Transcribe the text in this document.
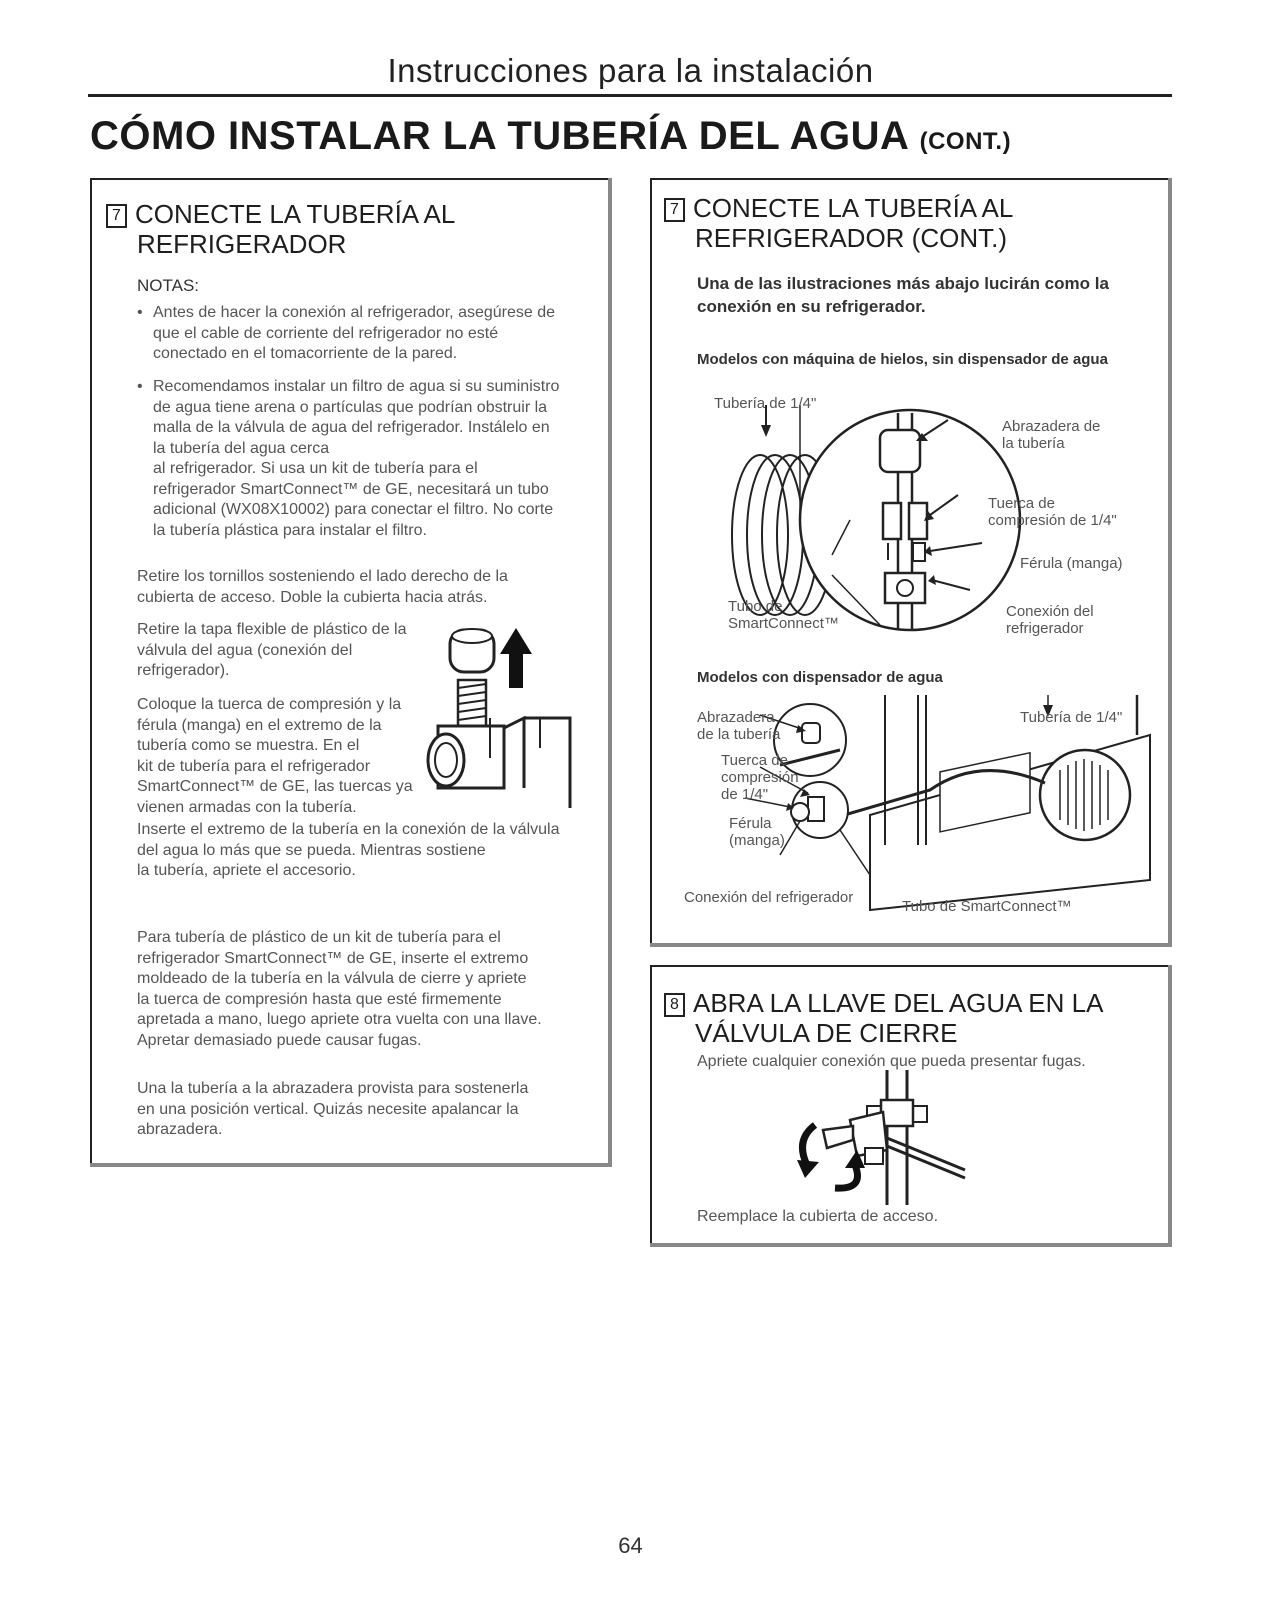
Instrucciones para la instalación
CÓMO INSTALAR LA TUBERÍA DEL AGUA (CONT.)
7 CONECTE LA TUBERÍA AL
REFRIGERADOR
NOTAS:
• Antes de hacer la conexión al refrigerador, asegúrese de
que el cable de corriente del refrigerador no esté
conectado en el tomacorriente de la pared.
• Recomendamos instalar un filtro de agua si su suministro
de agua tiene arena o partículas que podrían obstruir la
malla de la válvula de agua del refrigerador. Instálelo en
la tubería del agua cerca
al refrigerador. Si usa un kit de tubería para el
refrigerador SmartConnect™ de GE, necesitará un tubo
adicional (WX08X10002) para conectar el filtro. No corte
la tubería plástica para instalar el filtro.
Retire los tornillos sosteniendo el lado derecho de la
cubierta de acceso. Doble la cubierta hacia atrás.
Retire la tapa flexible de plástico de la
válvula del agua (conexión del
refrigerador).
Coloque la tuerca de compresión y la
férula (manga) en el extremo de la
tubería como se muestra. En el
kit de tubería para el refrigerador
SmartConnect™ de GE, las tuercas ya
vienen armadas con la tubería.
Inserte el extremo de la tubería en la conexión de la válvula
del agua lo más que se pueda. Mientras sostiene
la tubería, apriete el accesorio.
Para tubería de plástico de un kit de tubería para el
refrigerador SmartConnect™ de GE, inserte el extremo
moldeado de la tubería en la válvula de cierre y apriete
la tuerca de compresión hasta que esté firmemente
apretada a mano, luego apriete otra vuelta con una llave.
Apretar demasiado puede causar fugas.
Una la tubería a la abrazadera provista para sostenerla
en una posición vertical. Quizás necesite apalancar la
abrazadera.
7 CONECTE LA TUBERÍA AL
REFRIGERADOR (CONT.)
Una de las ilustraciones más abajo lucirán como la
conexión en su refrigerador.
Modelos con máquina de hielos, sin dispensador de agua
Tubería de 1/4"
Abrazadera de
la tubería
Tuerca de
compresión de 1/4"
Férula (manga)
Tubo de
SmartConnect™
Conexión del
refrigerador
Modelos con dispensador de agua
Abrazadera
de la tubería
Tuerca de
compresión
de 1/4"
Férula
(manga)
Tubería de 1/4"
Conexión del refrigerador
Tubo de SmartConnect™
8 ABRA LA LLAVE DEL AGUA EN LA
VÁLVULA DE CIERRE
Apriete cualquier conexión que pueda presentar fugas.
Reemplace la cubierta de acceso.
64
